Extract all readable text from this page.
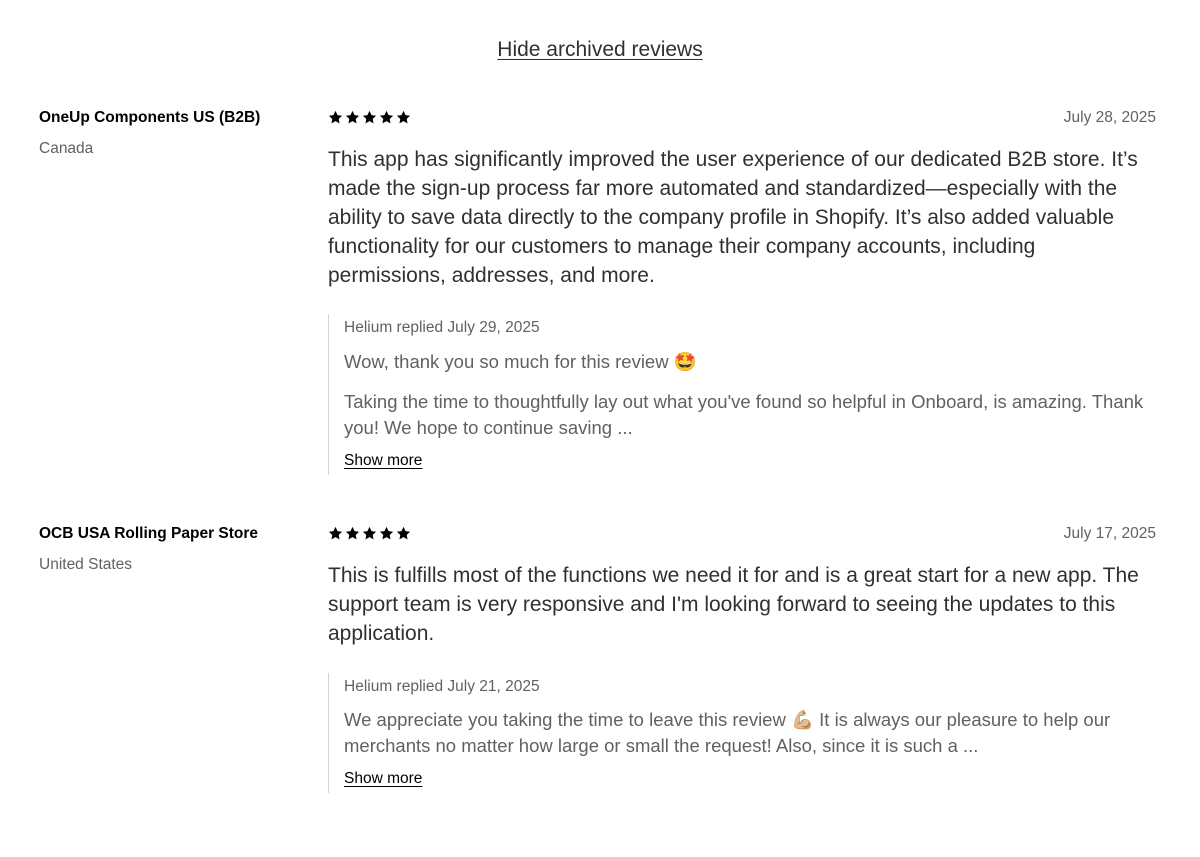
Hide archived reviews
OneUp Components US (B2B)
Canada
July 28, 2025

This app has significantly improved the user experience of our dedicated B2B store. It’s made the sign-up process far more automated and standardized—especially with the ability to save data directly to the company profile in Shopify. It’s also added valuable functionality for our customers to manage their company accounts, including permissions, addresses, and more.

Helium replied July 29, 2025

Wow, thank you so much for this review 🤩

Taking the time to thoughtfully lay out what you've found so helpful in Onboard, is amazing. Thank you! We hope to continue saving ...

Show more
OCB USA Rolling Paper Store
United States
July 17, 2025

This is fulfills most of the functions we need it for and is a great start for a new app. The support team is very responsive and I'm looking forward to seeing the updates to this application.

Helium replied July 21, 2025

We appreciate you taking the time to leave this review 💪🏼 It is always our pleasure to help our merchants no matter how large or small the request! Also, since it is such a ...

Show more
